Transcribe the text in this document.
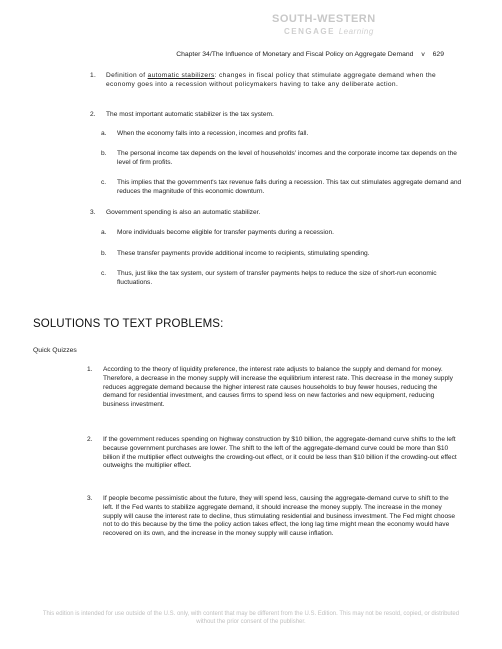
SOUTH-WESTERN
CENGAGE Learning
Chapter 34/The Influence of Monetary and Fiscal Policy on Aggregate Demand v 629
1. Definition of automatic stabilizers: changes in fiscal policy that stimulate aggregate demand when the economy goes into a recession without policymakers having to take any deliberate action.

2. The most important automatic stabilizer is the tax system.

a. When the economy falls into a recession, incomes and profits fall.

b. The personal income tax depends on the level of households' incomes and the corporate income tax depends on the level of firm profits.

c. This implies that the government's tax revenue falls during a recession. This tax cut stimulates aggregate demand and reduces the magnitude of this economic downturn.

3. Government spending is also an automatic stabilizer.

a. More individuals become eligible for transfer payments during a recession.

b. These transfer payments provide additional income to recipients, stimulating spending.

c. Thus, just like the tax system, our system of transfer payments helps to reduce the size of short-run economic fluctuations.

SOLUTIONS TO TEXT PROBLEMS:
Quick Quizzes
1. According to the theory of liquidity preference, the interest rate adjusts to balance the supply and demand for money. Therefore, a decrease in the money supply will increase the equilibrium interest rate. This decrease in the money supply reduces aggregate demand because the higher interest rate causes households to buy fewer houses, reducing the demand for residential investment, and causes firms to spend less on new factories and new equipment, reducing business investment.

2. If the government reduces spending on highway construction by $10 billion, the aggregate-demand curve shifts to the left because government purchases are lower. The shift to the left of the aggregate-demand curve could be more than $10 billion if the multiplier effect outweighs the crowding-out effect, or it could be less than $10 billion if the crowding-out effect outweighs the multiplier effect.

3. If people become pessimistic about the future, they will spend less, causing the aggregate-demand curve to shift to the left. If the Fed wants to stabilize aggregate demand, it should increase the money supply. The increase in the money supply will cause the interest rate to decline, thus stimulating residential and business investment. The Fed might choose not to do this because by the time the policy action takes effect, the long lag time might mean the economy would have recovered on its own, and the increase in the money supply will cause inflation.

This edition is intended for use outside of the U.S. only, with content that may be different from the U.S. Edition. This may not be resold, copied, or distributed without the prior consent of the publisher.
